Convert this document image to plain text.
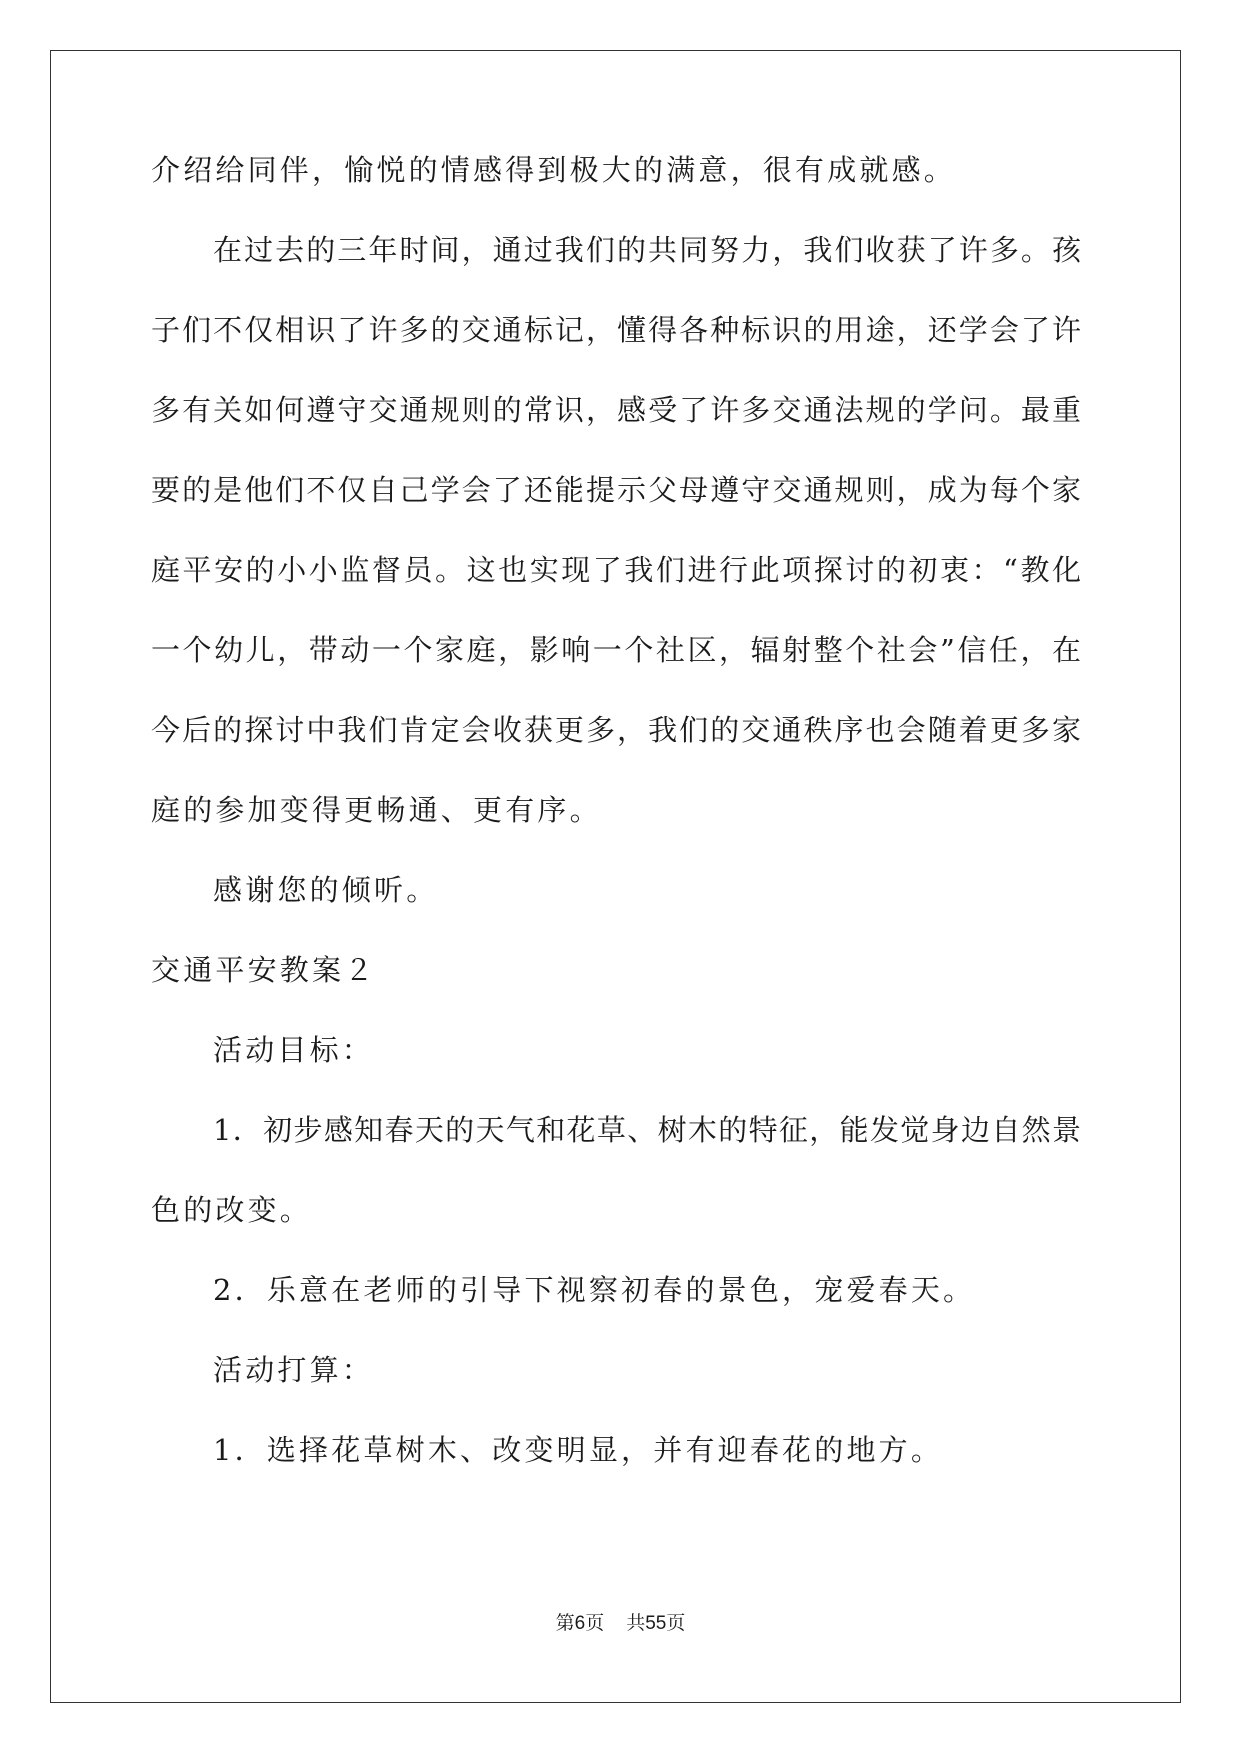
介绍给同伴，愉悦的情感得到极大的满意，很有成就感。
在过去的三年时间，通过我们的共同努力，我们收获了许多。孩
子们不仅相识了许多的交通标记，懂得各种标识的用途，还学会了许
多有关如何遵守交通规则的常识，感受了许多交通法规的学问。最重
要的是他们不仅自己学会了还能提示父母遵守交通规则，成为每个家
庭平安的小小监督员。这也实现了我们进行此项探讨的初衷：“教化
一个幼儿，带动一个家庭，影响一个社区，辐射整个社会”信任，在
今后的探讨中我们肯定会收获更多，我们的交通秩序也会随着更多家
庭的参加变得更畅通、更有序。
感谢您的倾听。
交通平安教案２
活动目标：
1．初步感知春天的天气和花草、树木的特征，能发觉身边自然景
色的改变。
2．乐意在老师的引导下视察初春的景色，宠爱春天。
活动打算：
1．选择花草树木、改变明显，并有迎春花的地方。
第6页 共55页
